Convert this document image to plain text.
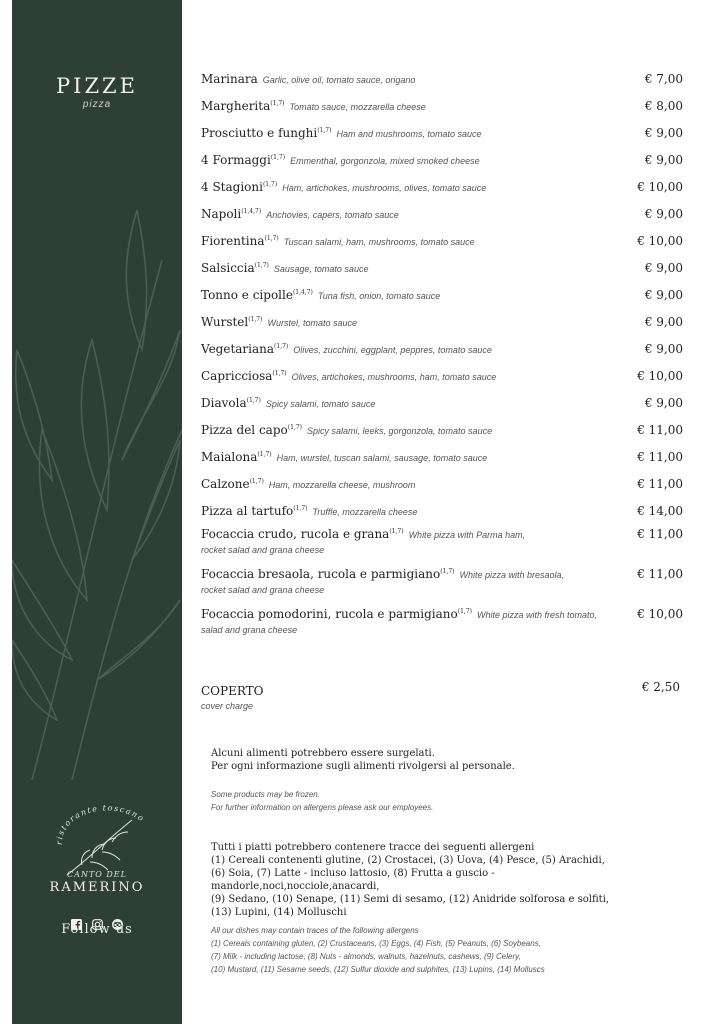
PIZZE
pizza
ristorante toscano
CANTO DEL
RAMERINO

Follow us
Marinara Garlic, olive oil, tomato sauce, origano	€ 7,00
Margherita$^{(1,7)}$ Tomato sauce, mozzarella cheese	€ 8,00
Prosciutto e funghi$^{(1,7)}$ Ham and mushrooms, tomato sauce	€ 9,00
4 Formaggi$^{(1,7)}$ Emmenthal, gorgonzola, mixed smoked cheese	€ 9,00
4 Stagioni$^{(1,7)}$ Ham, artichokes, mushrooms, olives, tomato sauce	€ 10,00
Napoli$^{(1,4,7)}$ Anchovies, capers, tomato sauce	€ 9,00
Fiorentina$^{(1,7)}$ Tuscan salami, ham, mushrooms, tomato sauce	€ 10,00
Salsiccia$^{(1,7)}$ Sausage, tomato sauce	€ 9,00
Tonno e cipolle$^{(1,4,7)}$ Tuna fish, onion, tomato sauce	€ 9,00
Wurstel$^{(1,7)}$ Wurstel, tomato sauce	€ 9,00
Vegetariana$^{(1,7)}$ Olives, zucchini, eggplant, peppres, tomato sauce	€ 9,00
Capricciosa$^{(1,7)}$ Olives, artichokes, mushrooms, ham, tomato sauce	€ 10,00
Diavola$^{(1,7)}$ Spicy salami, tomato sauce	€ 9,00
Pizza del capo$^{(1,7)}$ Spicy salami, leeks, gorgonzola, tomato sauce	€ 11,00
Maialona$^{(1,7)}$ Ham, wurstel, tuscan salami, sausage, tomato sauce	€ 11,00
Calzone$^{(1,7)}$ Ham, mozzarella cheese, mushroom	€ 11,00
Pizza al tartufo$^{(1,7)}$ Truffle, mozzarella cheese	€ 14,00
Focaccia crudo, rucola e grana$^{(1,7)}$ White pizza with Parma ham,
rocket salad and grana cheese
€ 11,00
Focaccia bresaola, rucola e parmigiano$^{(1,7)}$ White pizza with bresaola,
rocket salad and grana cheese
€ 11,00
Focaccia pomodorini, rucola e parmigiano$^{(1,7)}$ White pizza with fresh tomato,
salad and grana cheese
€ 10,00
COPERTO	€ 2,50
cover charge
Alcuni alimenti potrebbero essere surgelati.
Per ogni informazione sugli alimenti rivolgersi al personale.
Some products may be frozen.
For further information on allergens please ask our employees.
Tutti i piatti potrebbero contenere tracce dei seguenti allergeni
(1) Cereali contenenti glutine, (2) Crostacei, (3) Uova, (4) Pesce, (5) Arachidi,
(6) Soia, (7) Latte - incluso lattosio, (8) Frutta a guscio - mandorle,noci,nocciole,anacardi,
(9) Sedano, (10) Senape, (11) Semi di sesamo, (12) Anidride solforosa e solfiti,
(13) Lupini, (14) Molluschi
All our dishes may contain traces of the following allergens
(1) Cereals containing gluten, (2) Crustaceans, (3) Eggs, (4) Fish, (5) Peanuts, (6) Soybeans,
(7) Milk - including lactose, (8) Nuts - almonds, walnuts, hazelnuts, cashews, (9) Celery,
(10) Mustard, (11) Sesame seeds, (12) Sulfur dioxide and sulphites, (13) Lupins, (14) Molluscs
